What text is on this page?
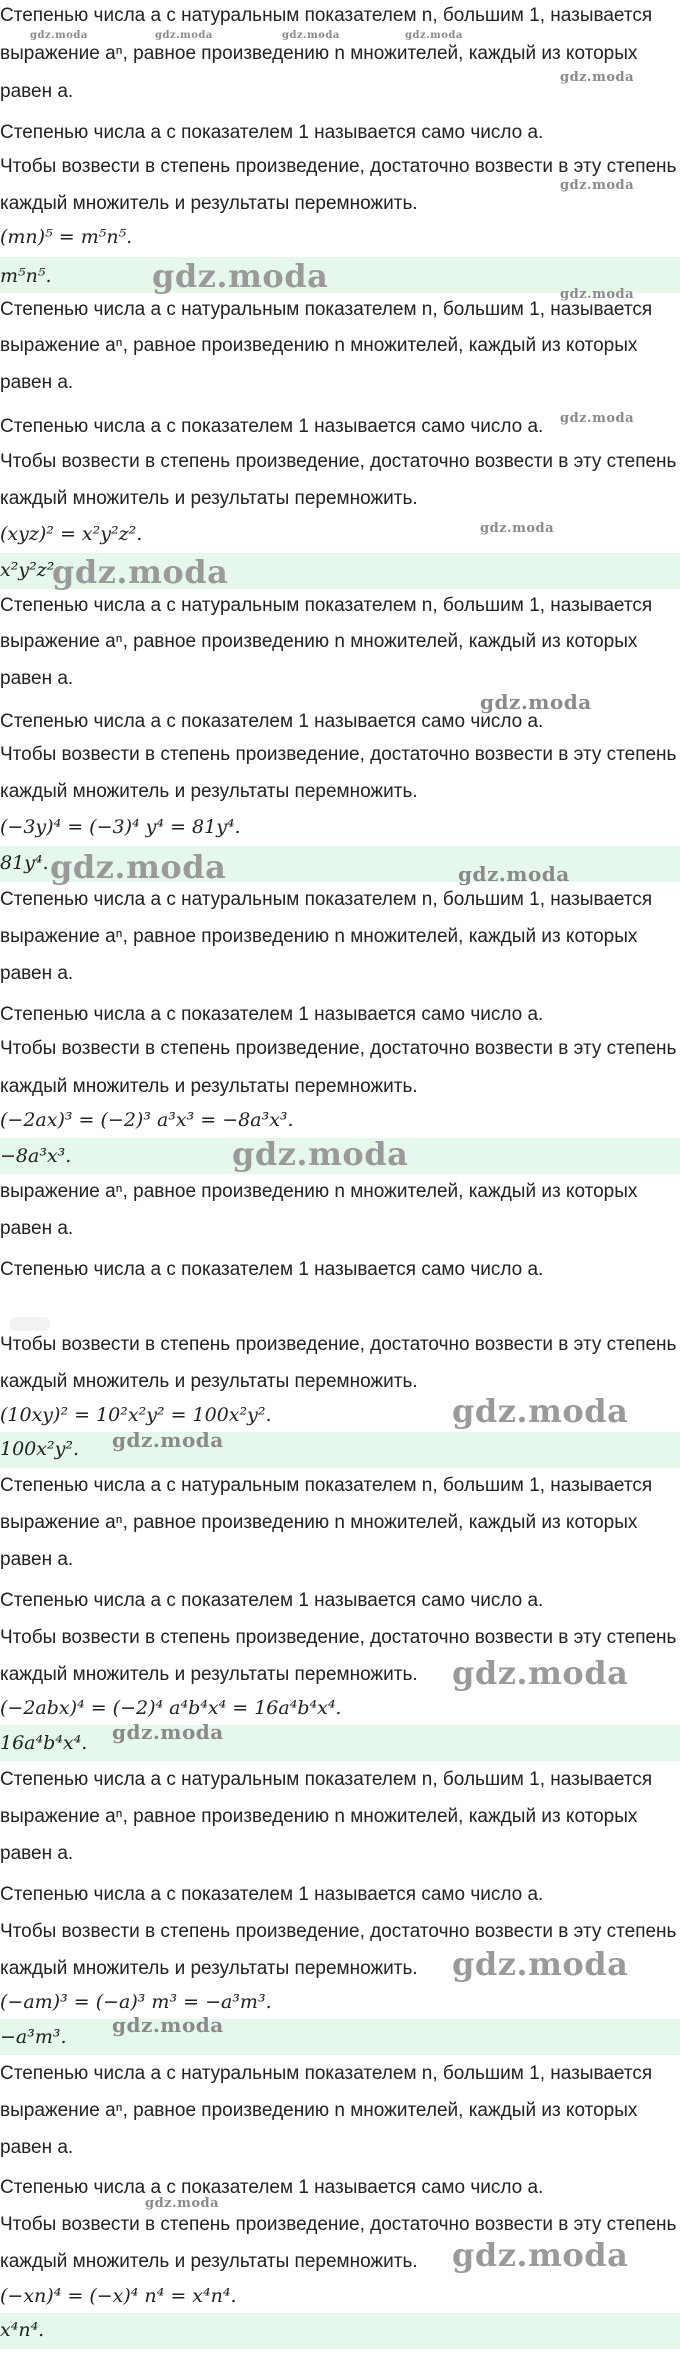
Степенью числа a с натуральным показателем n, большим 1, называется
выражение aⁿ, равное произведению n множителей, каждый из которых
равен a.
Степенью числа a с показателем 1 называется само число a.
Чтобы возвести в степень произведение, достаточно возвести в эту степень
каждый множитель и результаты перемножить.
(mn)⁵ = m⁵n⁵.
m⁵n⁵.
gdz.moda	gdz.moda	gdz.moda	gdz.moda
gdz.moda
gdz.moda
gdz.moda
Степенью числа a с натуральным показателем n, большим 1, называется
выражение aⁿ, равное произведению n множителей, каждый из которых
равен a.
Степенью числа a с показателем 1 называется само число a.
Чтобы возвести в степень произведение, достаточно возвести в эту степень
каждый множитель и результаты перемножить.
(xyz)² = x²y²z².
x²y²z².
gdz.moda
gdz.moda
gdz.moda
gdz.moda
Степенью числа a с натуральным показателем n, большим 1, называется
выражение aⁿ, равное произведению n множителей, каждый из которых
равен a.
Степенью числа a с показателем 1 называется само число a.
Чтобы возвести в степень произведение, достаточно возвести в эту степень
каждый множитель и результаты перемножить.
(−3y)⁴ = (−3)⁴ y⁴ = 81y⁴.
81y⁴.
gdz.moda
gdz.moda
gdz.moda
Степенью числа a с натуральным показателем n, большим 1, называется
выражение aⁿ, равное произведению n множителей, каждый из которых
равен a.
Степенью числа a с показателем 1 называется само число a.
Чтобы возвести в степень произведение, достаточно возвести в эту степень
каждый множитель и результаты перемножить.
(−2ax)³ = (−2)³ a³x³ = −8a³x³.
−8a³x³.	gdz.moda
выражение aⁿ, равное произведению n множителей, каждый из которых
равен a.
Степенью числа a с показателем 1 называется само число a.
Чтобы возвести в степень произведение, достаточно возвести в эту степень
каждый множитель и результаты перемножить.
(10xy)² = 10²x²y² = 100x²y².
100x²y².
gdz.moda
gdz.moda
Степенью числа a с натуральным показателем n, большим 1, называется
выражение aⁿ, равное произведению n множителей, каждый из которых
равен a.
Степенью числа a с показателем 1 называется само число a.
Чтобы возвести в степень произведение, достаточно возвести в эту степень
каждый множитель и результаты перемножить.
(−2abx)⁴ = (−2)⁴ a⁴b⁴x⁴ = 16a⁴b⁴x⁴.
16a⁴b⁴x⁴.
gdz.moda
gdz.moda
Степенью числа a с натуральным показателем n, большим 1, называется
выражение aⁿ, равное произведению n множителей, каждый из которых
равен a.
Степенью числа a с показателем 1 называется само число a.
Чтобы возвести в степень произведение, достаточно возвести в эту степень
каждый множитель и результаты перемножить.
(−am)³ = (−a)³ m³ = −a³m³.
−a³m³.
gdz.moda
gdz.moda
Степенью числа a с натуральным показателем n, большим 1, называется
выражение aⁿ, равное произведению n множителей, каждый из которых
равен a.
Степенью числа a с показателем 1 называется само число a.
Чтобы возвести в степень произведение, достаточно возвести в эту степень
каждый множитель и результаты перемножить.
(−xn)⁴ = (−x)⁴ n⁴ = x⁴n⁴.
x⁴n⁴.
gdz.moda
gdz.moda
